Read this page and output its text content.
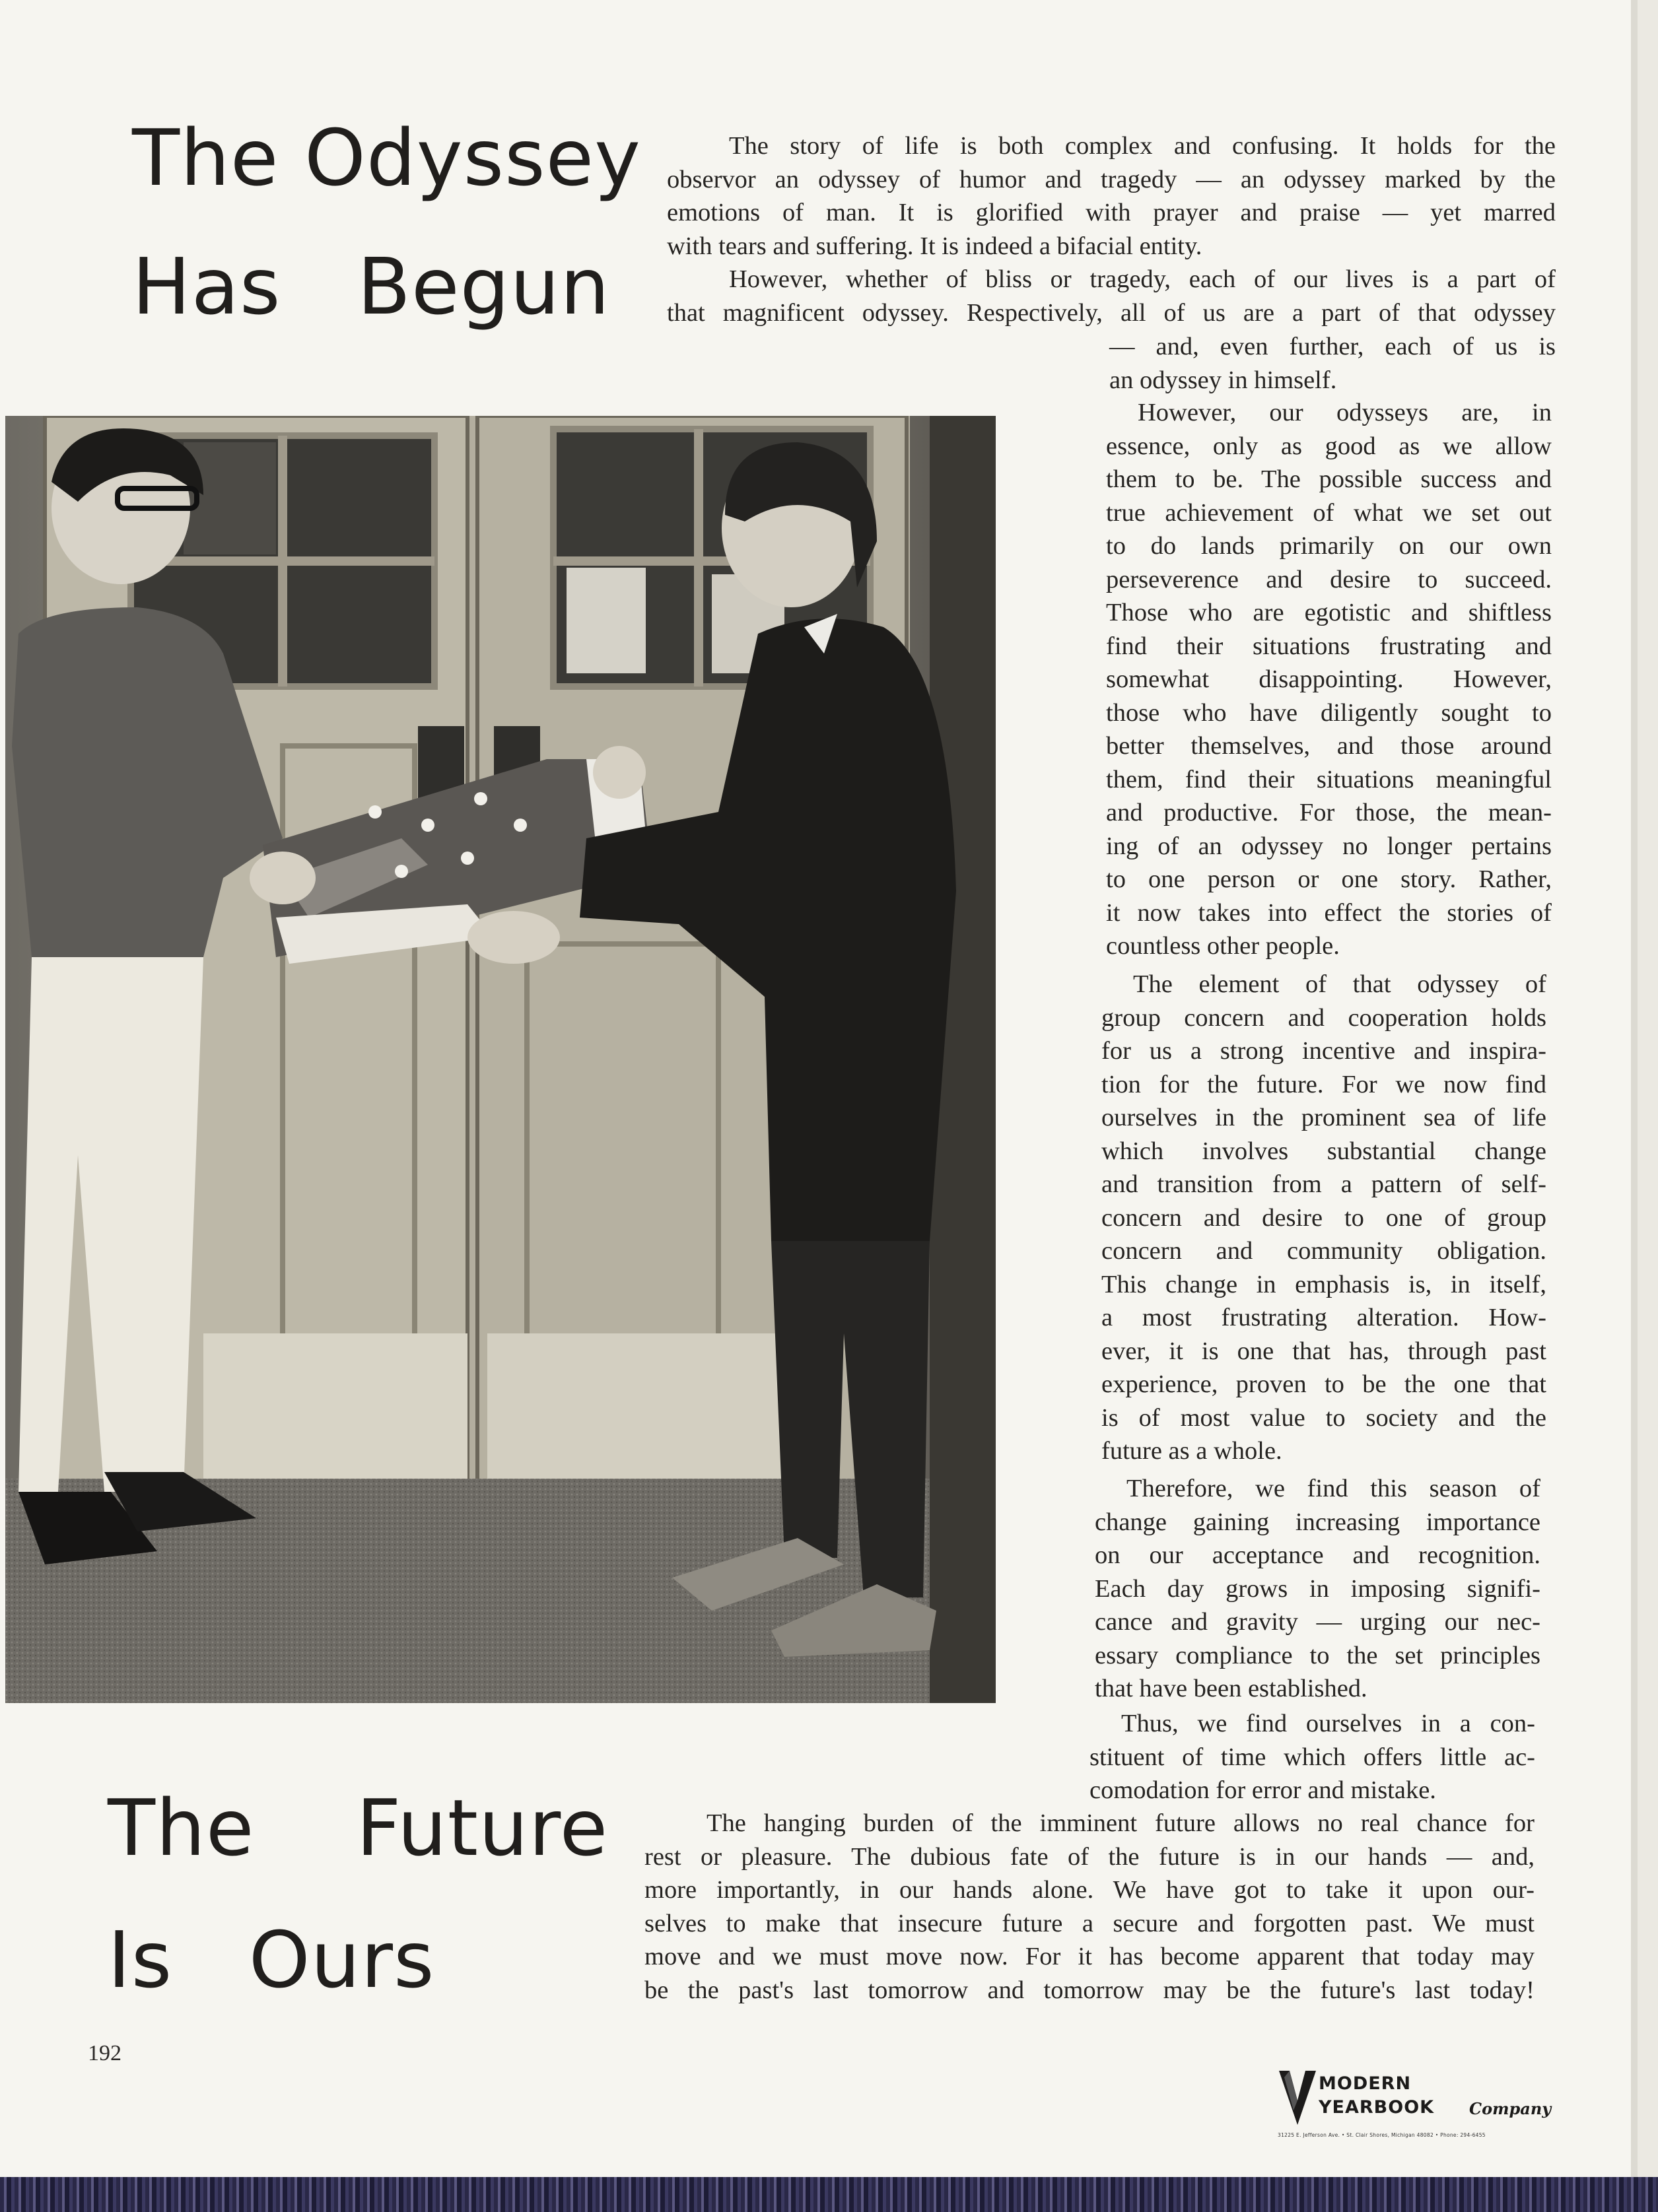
The Odyssey
Has   Begun
The story of life is both complex and confusing. It holds for the
observor an odyssey of humor and tragedy — an odyssey marked by the
emotions of man. It is glorified with prayer and praise — yet marred
with tears and suffering. It is indeed a bifacial entity.
However, whether of bliss or tragedy, each of our lives is a part of
that magnificent odyssey. Respectively, all of us are a part of that odyssey
— and, even further, each of us is
an odyssey in himself.
However, our odysseys are, in
essence, only as good as we allow
them to be. The possible success and
true achievement of what we set out
to do lands primarily on our own
perseverence and desire to succeed.
Those who are egotistic and shiftless
find their situations frustrating and
somewhat disappointing. However,
those who have diligently sought to
better themselves, and those around
them, find their situations meaningful
and productive. For those, the mean-
ing of an odyssey no longer pertains
to one person or one story. Rather,
it now takes into effect the stories of
countless other people.
The element of that odyssey of
group concern and cooperation holds
for us a strong incentive and inspira-
tion for the future. For we now find
ourselves in the prominent sea of life
which involves substantial change
and transition from a pattern of self-
concern and desire to one of group
concern and community obligation.
This change in emphasis is, in itself,
a most frustrating alteration. How-
ever, it is one that has, through past
experience, proven to be the one that
is of most value to society and the
future as a whole.
Therefore, we find this season of
change gaining increasing importance
on our acceptance and recognition.
Each day grows in imposing signifi-
cance and gravity — urging our nec-
essary compliance to the set principles
that have been established.
Thus, we find ourselves in a con-
stituent of time which offers little ac-
comodation for error and mistake.
The hanging burden of the imminent future allows no real chance for
rest or pleasure. The dubious fate of the future is in our hands — and,
more importantly, in our hands alone. We have got to take it upon our-
selves to make that insecure future a secure and forgotten past. We must
move and we must move now. For it has become apparent that today may
be the past's last tomorrow and tomorrow may be the future's last today!
The    Future
Is   Ours
192
MODERN
YEARBOOK Company
31225 E. Jefferson Ave. • St. Clair Shores, Michigan 48082 • Phone: 294-6455
